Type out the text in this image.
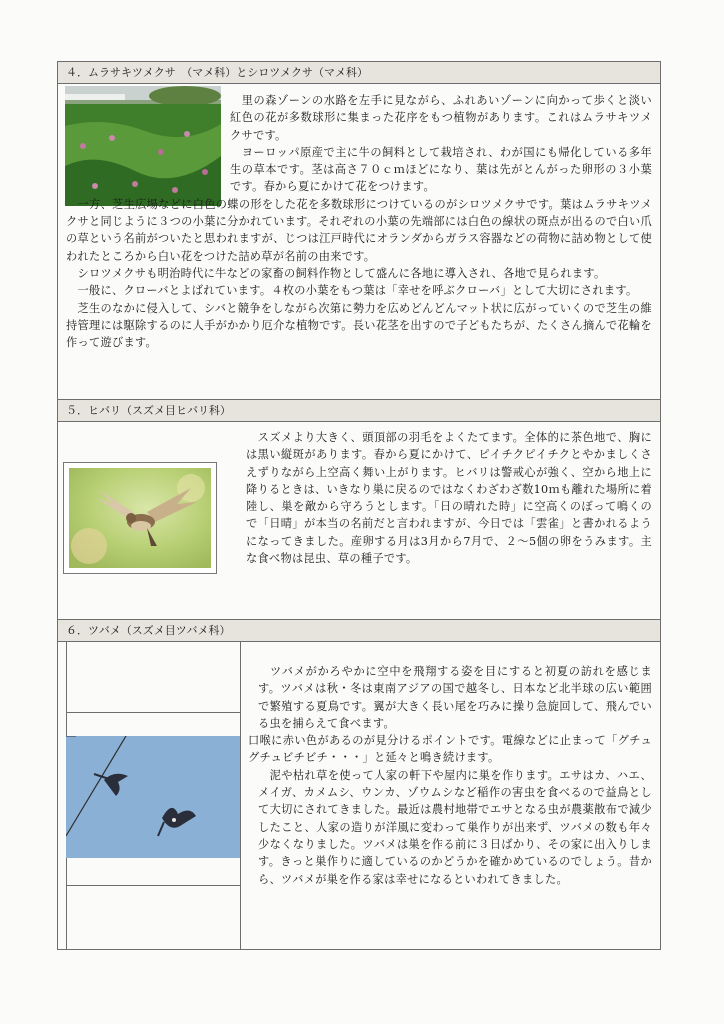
４．ムラサキツメクサ　（マメ科）とシロツメクサ（マメ科）

　里の森ゾーンの水路を左手に見ながら、ふれあいゾーンに向かって歩くと淡い紅色の花が多数球形に集まった花序をもつ植物があります。これはムラサキツメクサです。

　ヨーロッパ原産で主に牛の飼料として栽培され、わが国にも帰化している多年生の草本です。茎は高さ７０ｃｍほどになり、葉は先がとんがった卵形の３小葉です。春から夏にかけて花をつけます。

　一方、芝生広場などに白色の蝶の形をした花を多数球形につけているのがシロツメクサです。葉はムラサキツメクサと同じように３つの小葉に分かれています。それぞれの小葉の先端部には白色の線状の斑点が出るので白い爪の草という名前がついたと思われますが、じつは江戸時代にオランダからガラス容器などの荷物に詰め物として使われたところから白い花をつけた詰め草が名前の由来です。

　シロツメクサも明治時代に牛などの家畜の飼料作物として盛んに各地に導入され、各地で見られます。

　一般に、クローバとよばれています。４枚の小葉をもつ葉は「幸せを呼ぶクローバ」として大切にされます。

　芝生のなかに侵入して、シバと競争をしながら次第に勢力を広めどんどんマット状に広がっていくので芝生の維持管理には駆除するのに人手がかかり厄介な植物です。長い花茎を出すので子どもたちが、たくさん摘んで花輪を作って遊びます。

５．ヒバリ（スズメ目ヒバリ科）

　スズメより大きく、頭頂部の羽毛をよくたてます。全体的に茶色地で、胸には黒い縦斑があります。春から夏にかけて、ピイチクピイチクとやかましくさえずりながら上空高く舞い上がります。ヒバリは警戒心が強く、空から地上に降りるときは、いきなり巣に戻るのではなくわざわざ数10ｍも離れた場所に着陸し、巣を敵から守ろうとします。「日の晴れた時」に空高くのぼって鳴くので「日晴」が本当の名前だと言われますが、今日では「雲雀」と書かれるようになってきました。産卵する月は3月から7月で、２～5個の卵をうみます。主な食べ物は昆虫、草の種子です。

６．ツバメ（スズメ目ツバメ科）

　ツバメがかろやかに空中を飛翔する姿を目にすると初夏の訪れを感じます。ツバメは秋・冬は東南アジアの国で越冬し、日本など北半球の広い範囲で繁殖する夏鳥です。翼が大きく長い尾を巧みに操り急旋回して、飛んでいる虫を捕らえて食べます。

口喉に赤い色があるのが見分けるポイントです。電線などに止まって「グチュグチュビチビチ・・・」と延々と鳴き続けます。

　泥や枯れ草を使って人家の軒下や屋内に巣を作ります。エサはカ、ハエ、メイガ、カメムシ、ウンカ、ゾウムシなど稲作の害虫を食べるので益鳥として大切にされてきました。最近は農村地帯でエサとなる虫が農薬散布で減少したこと、人家の造りが洋風に変わって巣作りが出来ず、ツバメの数も年々少なくなりました。ツバメは巣を作る前に３日ばかり、その家に出入りします。きっと巣作りに適しているのかどうかを確かめているのでしょう。昔から、ツバメが巣を作る家は幸せになるといわれてきました。
